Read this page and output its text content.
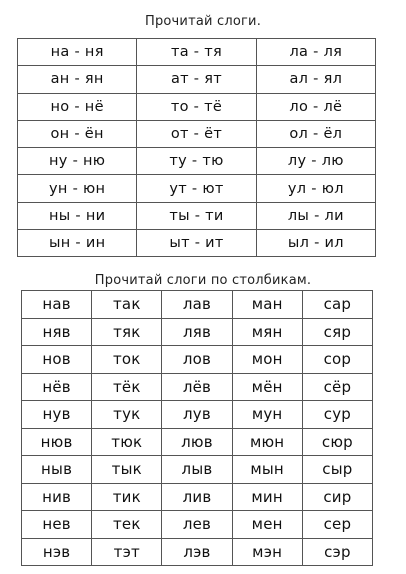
Прочитай слоги.
на - ня	та - тя	ла - ля
ан - ян	ат - ят	ал - ял
но - нё	то - тё	ло - лё
он - ён	от - ёт	ол - ёл
ну - ню	ту - тю	лу - лю
ун - юн	ут - ют	ул - юл
ны - ни	ты - ти	лы - ли
ын - ин	ыт - ит	ыл - ил
Прочитай слоги по столбикам.
нав	так	лав	ман	сар
няв	тяк	ляв	мян	сяр
нов	ток	лов	мон	сор
нёв	тёк	лёв	мён	сёр
нув	тук	лув	мун	сур
нюв	тюк	люв	мюн	сюр
ныв	тык	лыв	мын	сыр
нив	тик	лив	мин	сир
нев	тек	лев	мен	сер
нэв	тэт	лэв	мэн	сэр
